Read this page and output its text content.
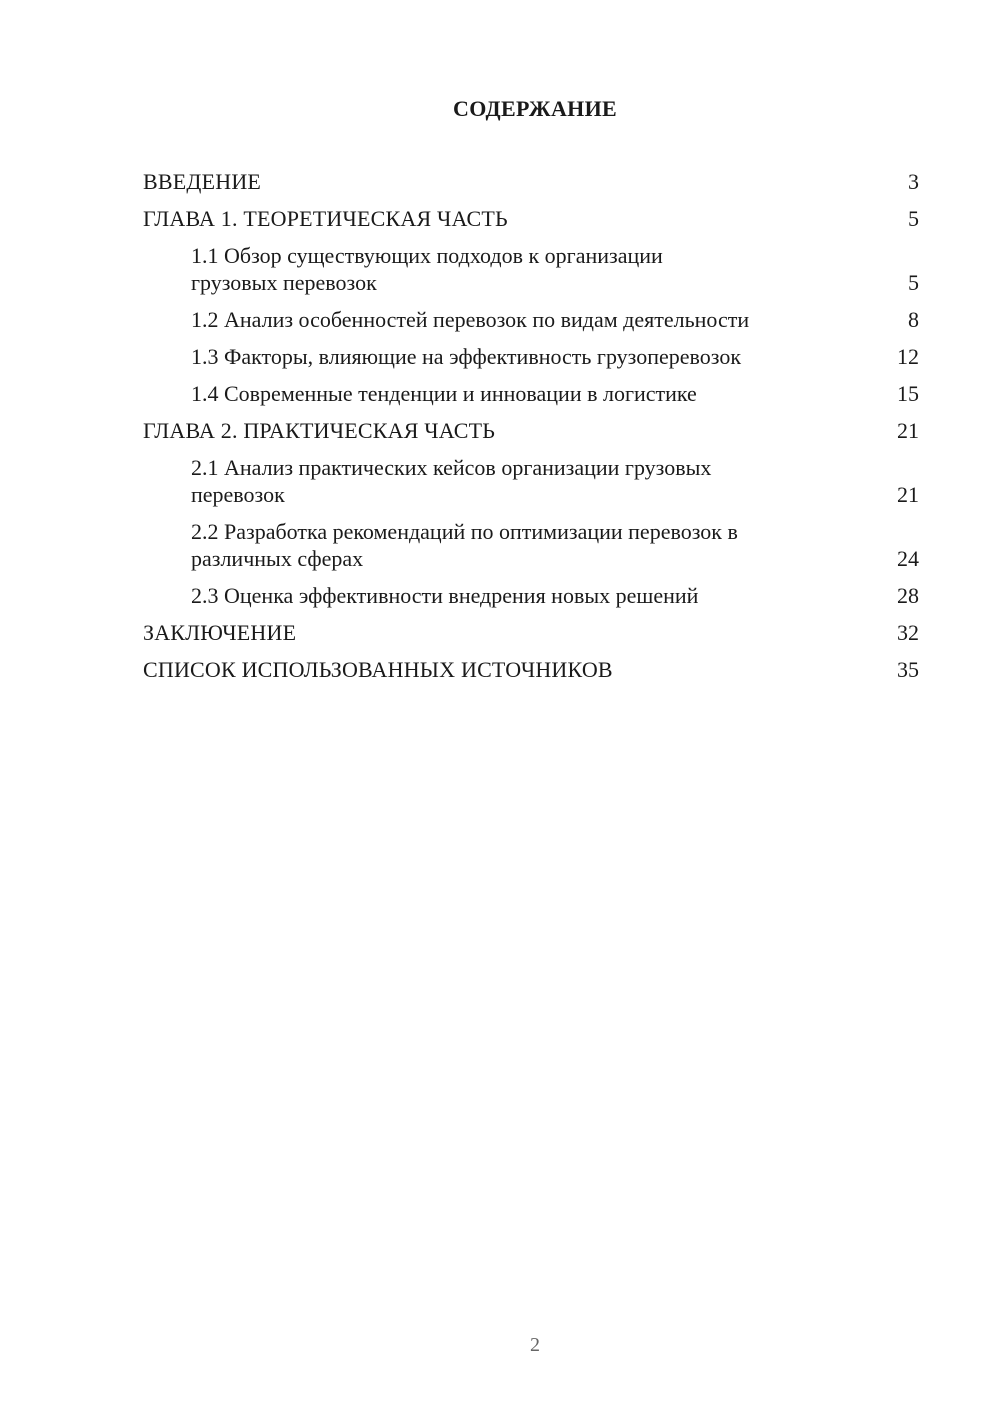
СОДЕРЖАНИЕ
ВВЕДЕНИЕ	3
ГЛАВА 1. ТЕОРЕТИЧЕСКАЯ ЧАСТЬ	5
1.1 Обзор существующих подходов к организации грузовых перевозок	5
1.2 Анализ особенностей перевозок по видам деятельности	8
1.3 Факторы, влияющие на эффективность грузоперевозок	12
1.4 Современные тенденции и инновации в логистике	15
ГЛАВА 2. ПРАКТИЧЕСКАЯ ЧАСТЬ	21
2.1 Анализ практических кейсов организации грузовых перевозок	21
2.2 Разработка рекомендаций по оптимизации перевозок в различных сферах	24
2.3 Оценка эффективности внедрения новых решений	28
ЗАКЛЮЧЕНИЕ	32
СПИСОК ИСПОЛЬЗОВАННЫХ ИСТОЧНИКОВ	35
2
